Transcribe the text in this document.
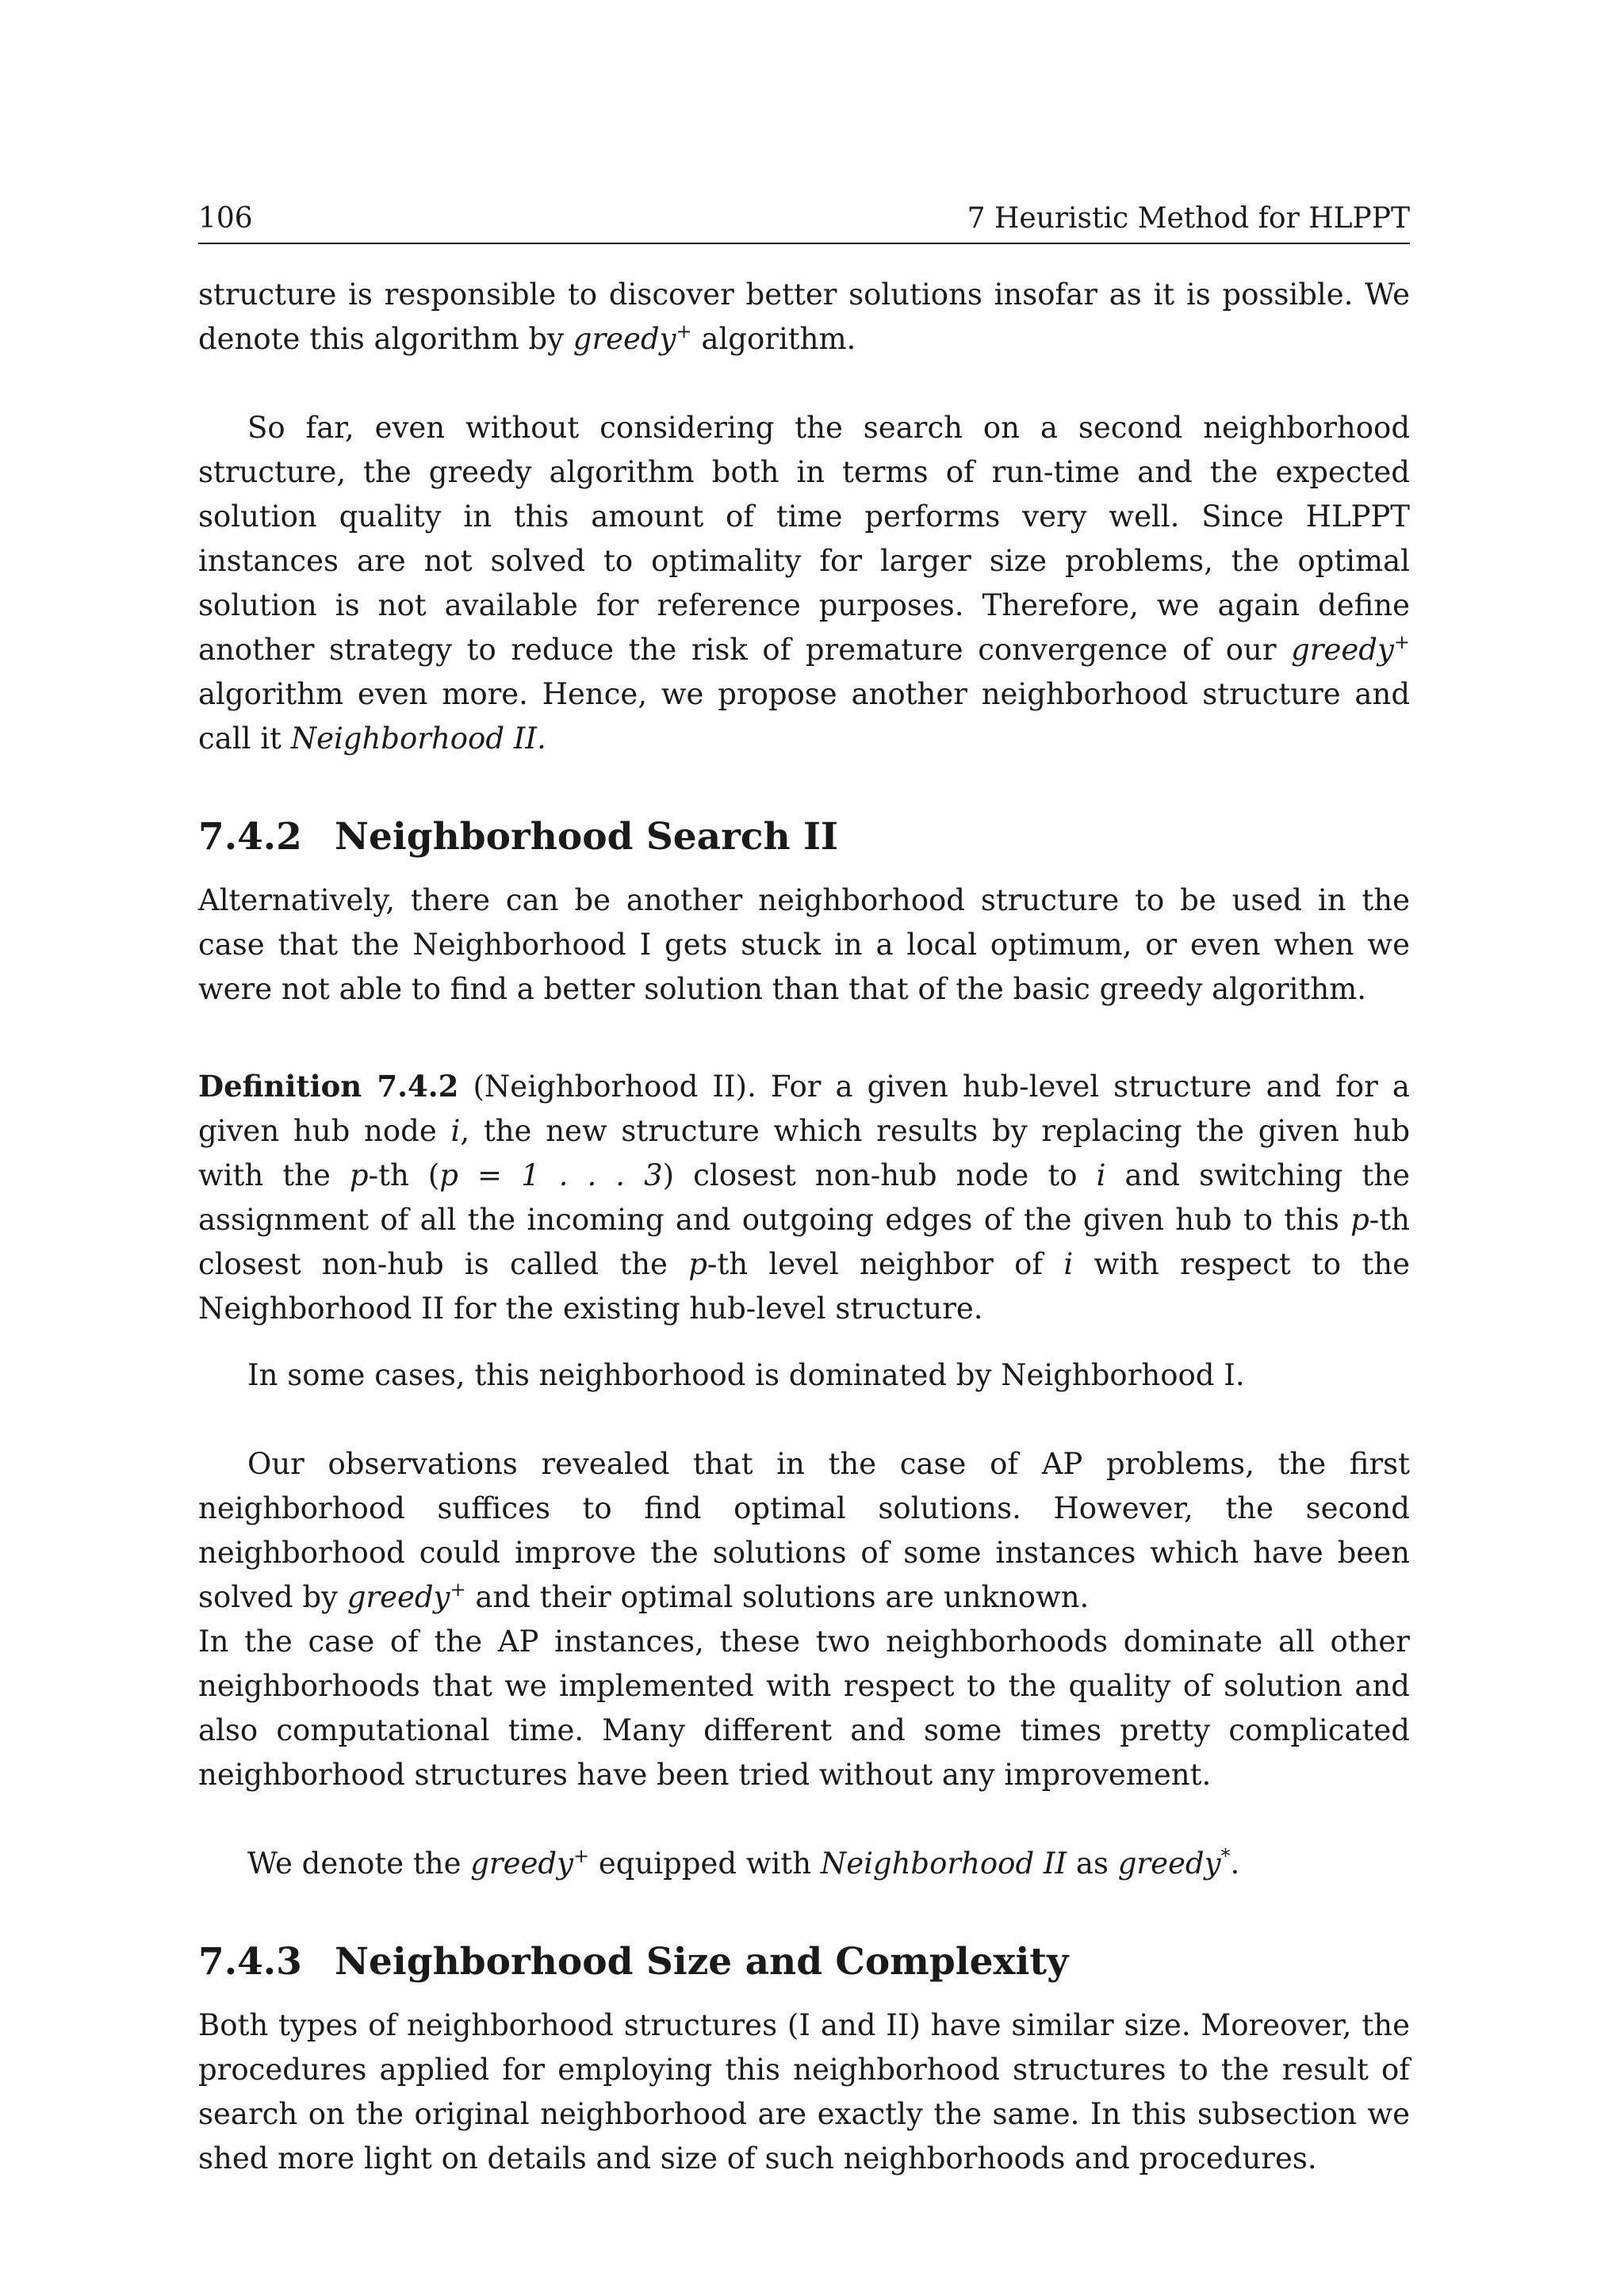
106	7 Heuristic Method for HLPPT

structure is responsible to discover better solutions insofar as it is possible. We denote this algorithm by greedy+ algorithm.

So far, even without considering the search on a second neighborhood structure, the greedy algorithm both in terms of run-time and the expected solution quality in this amount of time performs very well. Since HLPPT instances are not solved to optimality for larger size problems, the optimal solution is not available for reference purposes. Therefore, we again define another strategy to reduce the risk of premature convergence of our greedy+ algorithm even more. Hence, we propose another neighborhood structure and call it Neighborhood II.

7.4.2 Neighborhood Search II

Alternatively, there can be another neighborhood structure to be used in the case that the Neighborhood I gets stuck in a local optimum, or even when we were not able to find a better solution than that of the basic greedy algorithm.

Definition 7.4.2 (Neighborhood II). For a given hub-level structure and for a given hub node i, the new structure which results by replacing the given hub with the p-th (p = 1 . . . 3) closest non-hub node to i and switching the assignment of all the incoming and outgoing edges of the given hub to this p-th closest non-hub is called the p-th level neighbor of i with respect to the Neighborhood II for the existing hub-level structure.

In some cases, this neighborhood is dominated by Neighborhood I.

Our observations revealed that in the case of AP problems, the first neighborhood suffices to find optimal solutions. However, the second neighborhood could improve the solutions of some instances which have been solved by greedy+ and their optimal solutions are unknown.

In the case of the AP instances, these two neighborhoods dominate all other neighborhoods that we implemented with respect to the quality of solution and also computational time. Many different and some times pretty complicated neighborhood structures have been tried without any improvement.

We denote the greedy+ equipped with Neighborhood II as greedy*.

7.4.3 Neighborhood Size and Complexity

Both types of neighborhood structures (I and II) have similar size. Moreover, the procedures applied for employing this neighborhood structures to the result of search on the original neighborhood are exactly the same. In this subsection we shed more light on details and size of such neighborhoods and procedures.
